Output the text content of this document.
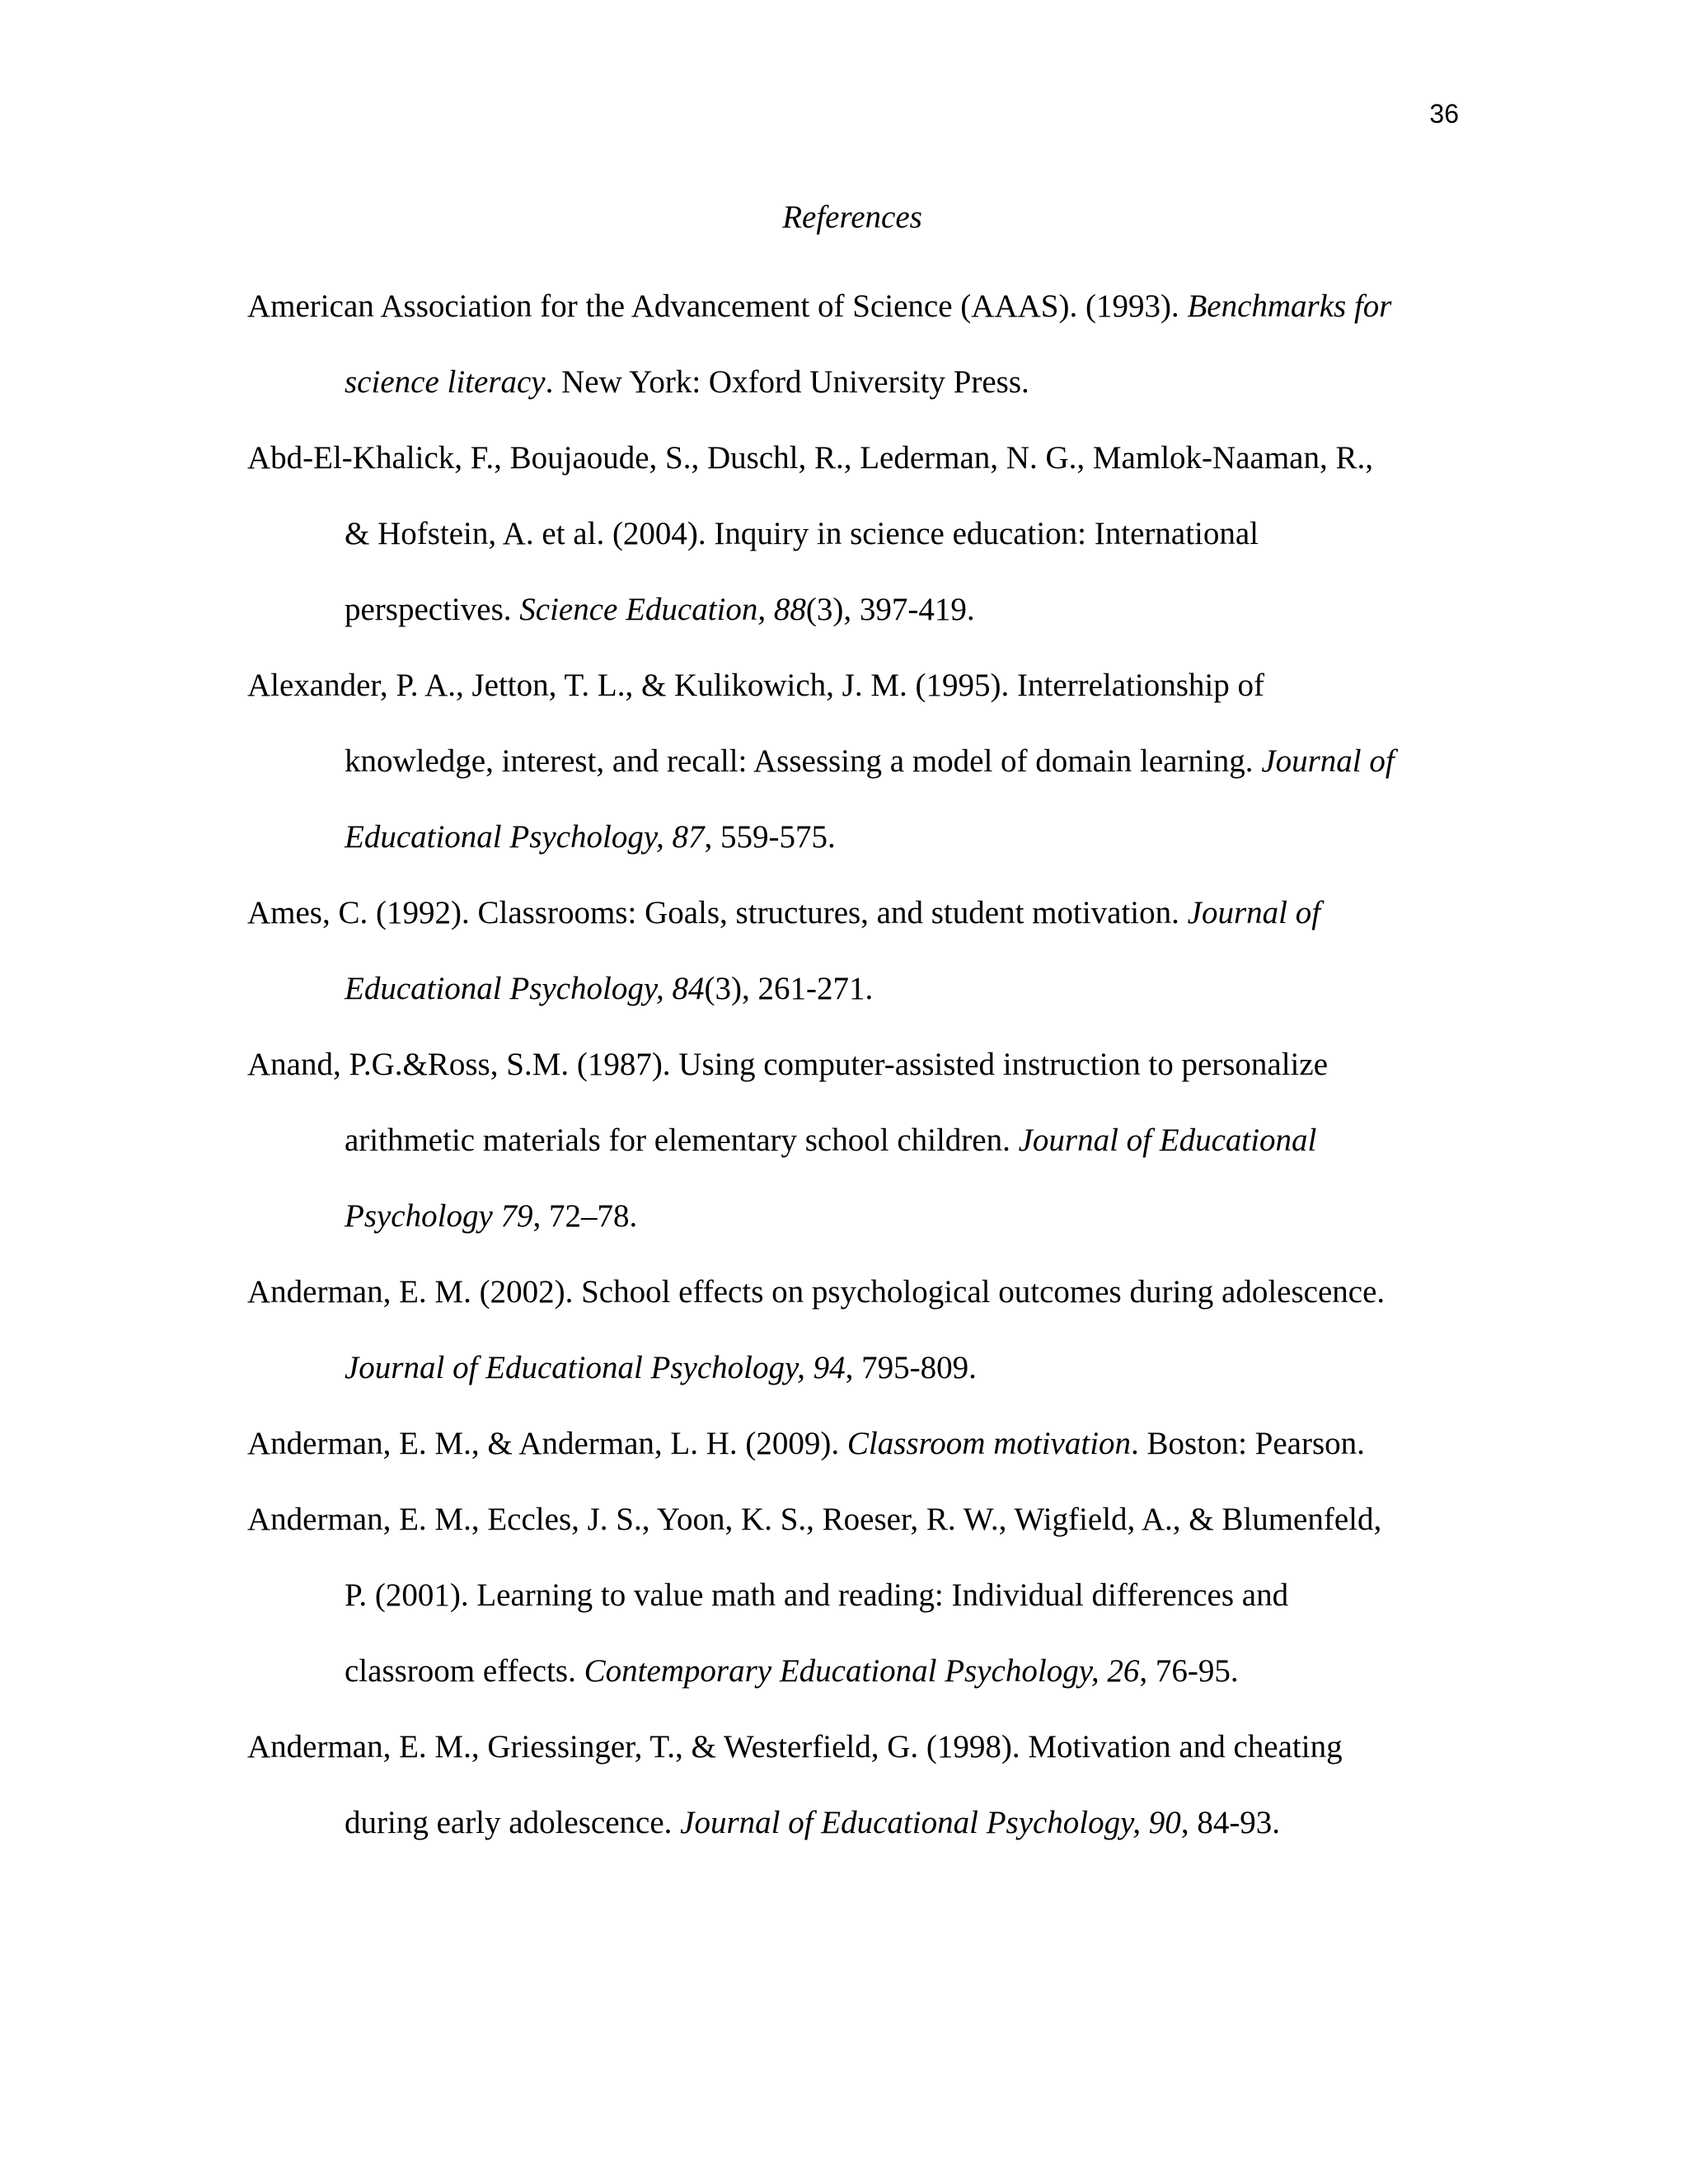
36
References
American Association for the Advancement of Science (AAAS). (1993). Benchmarks for
science literacy. New York: Oxford University Press.
Abd-El-Khalick, F., Boujaoude, S., Duschl, R., Lederman, N. G., Mamlok-Naaman, R.,
& Hofstein, A. et al. (2004). Inquiry in science education: International
perspectives. Science Education, 88(3), 397-419.
Alexander, P. A., Jetton, T. L., & Kulikowich, J. M. (1995). Interrelationship of
knowledge, interest, and recall: Assessing a model of domain learning. Journal of
Educational Psychology, 87, 559-575.
Ames, C. (1992). Classrooms: Goals, structures, and student motivation. Journal of
Educational Psychology, 84(3), 261-271.
Anand, P.G.&Ross, S.M. (1987). Using computer-assisted instruction to personalize
arithmetic materials for elementary school children. Journal of Educational
Psychology 79, 72–78.
Anderman, E. M. (2002). School effects on psychological outcomes during adolescence.
Journal of Educational Psychology, 94, 795-809.
Anderman, E. M., & Anderman, L. H. (2009). Classroom motivation. Boston: Pearson.
Anderman, E. M., Eccles, J. S., Yoon, K. S., Roeser, R. W., Wigfield, A., & Blumenfeld,
P. (2001). Learning to value math and reading: Individual differences and
classroom effects. Contemporary Educational Psychology, 26, 76-95.
Anderman, E. M., Griessinger, T., & Westerfield, G. (1998). Motivation and cheating
during early adolescence. Journal of Educational Psychology, 90, 84-93.
